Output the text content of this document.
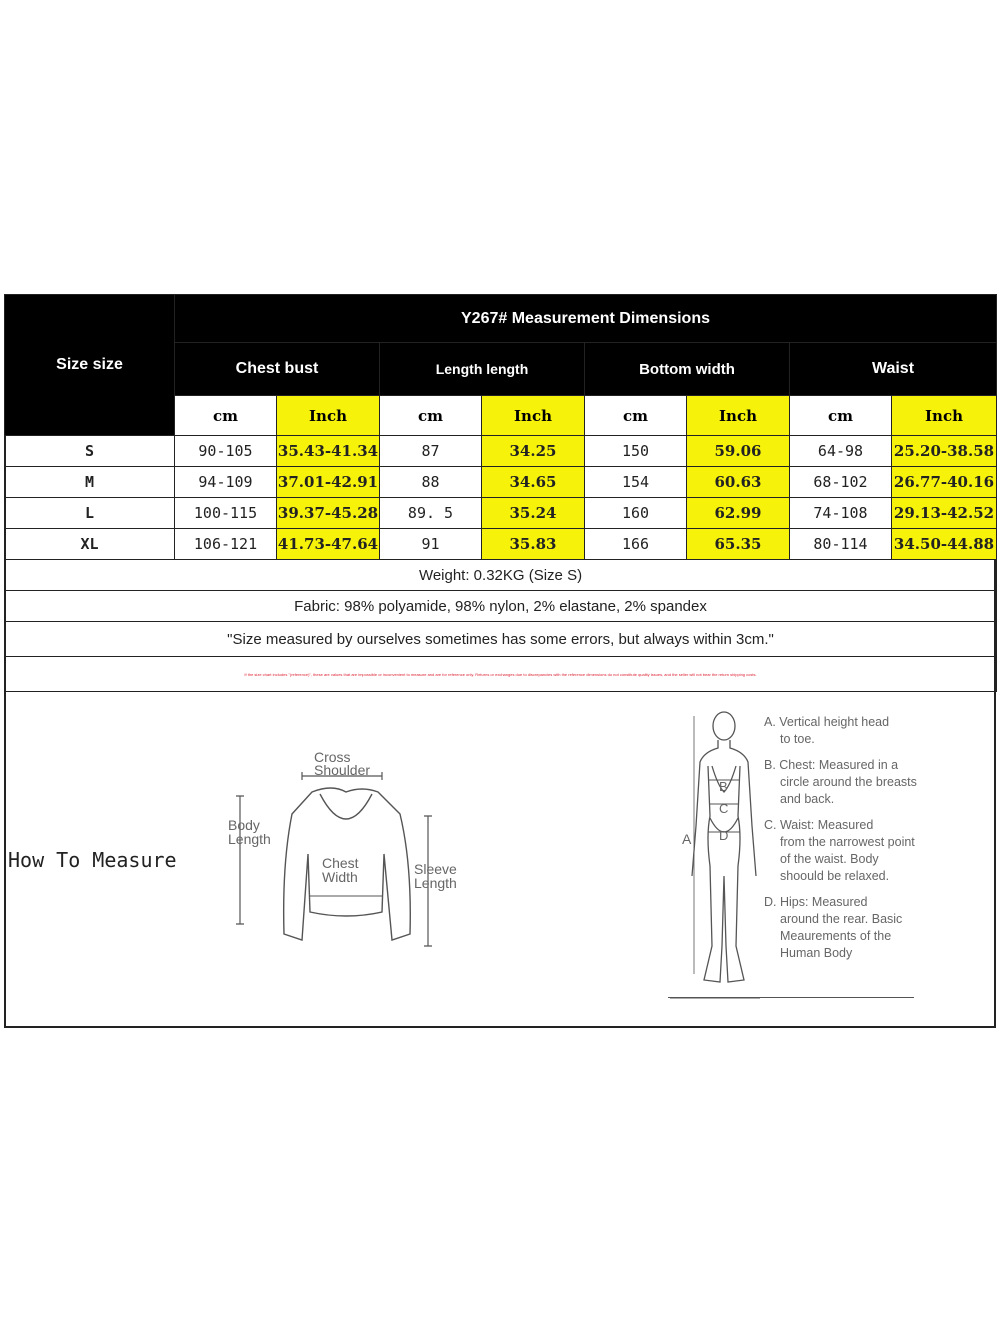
Size size	Y267# Measurement Dimensions							
	Chest bust		Length length		Bottom width		Waist	
	cm	Inch	cm	Inch	cm	Inch	cm	Inch
S	90-105	35.43-41.34	87	34.25	150	59.06	64-98	25.20-38.58
M	94-109	37.01-42.91	88	34.65	154	60.63	68-102	26.77-40.16
L	100-115	39.37-45.28	89. 5	35.24	160	62.99	74-108	29.13-42.52
XL	106-121	41.73-47.64	91	35.83	166	65.35	80-114	34.50-44.88
Weight: 0.32KG (Size S)								
Fabric: 98% polyamide, 98% nylon, 2% elastane, 2% spandex								
"Size measured by ourselves sometimes has some errors, but always within 3cm."								
If the size chart includes "(reference)", these are values that are impossible or inconvenient to measure and are for reference only. Returns or exchanges due to discrepancies with the reference dimensions do not constitute quality issues, and the seller will not bear the return shipping costs.								
How To Measure
Cross
Shoulder
Body
Length
Chest
Width	Sleeve
Length
A
B
C
D
A. Vertical height head
to toe.
B. Chest: Measured in a
circle around the breasts and back.
C. Waist: Measured
from the narrowest point of the waist. Body shoould be relaxed.
D. Hips: Measured
around the rear. Basic Meaurements of the Human Body
